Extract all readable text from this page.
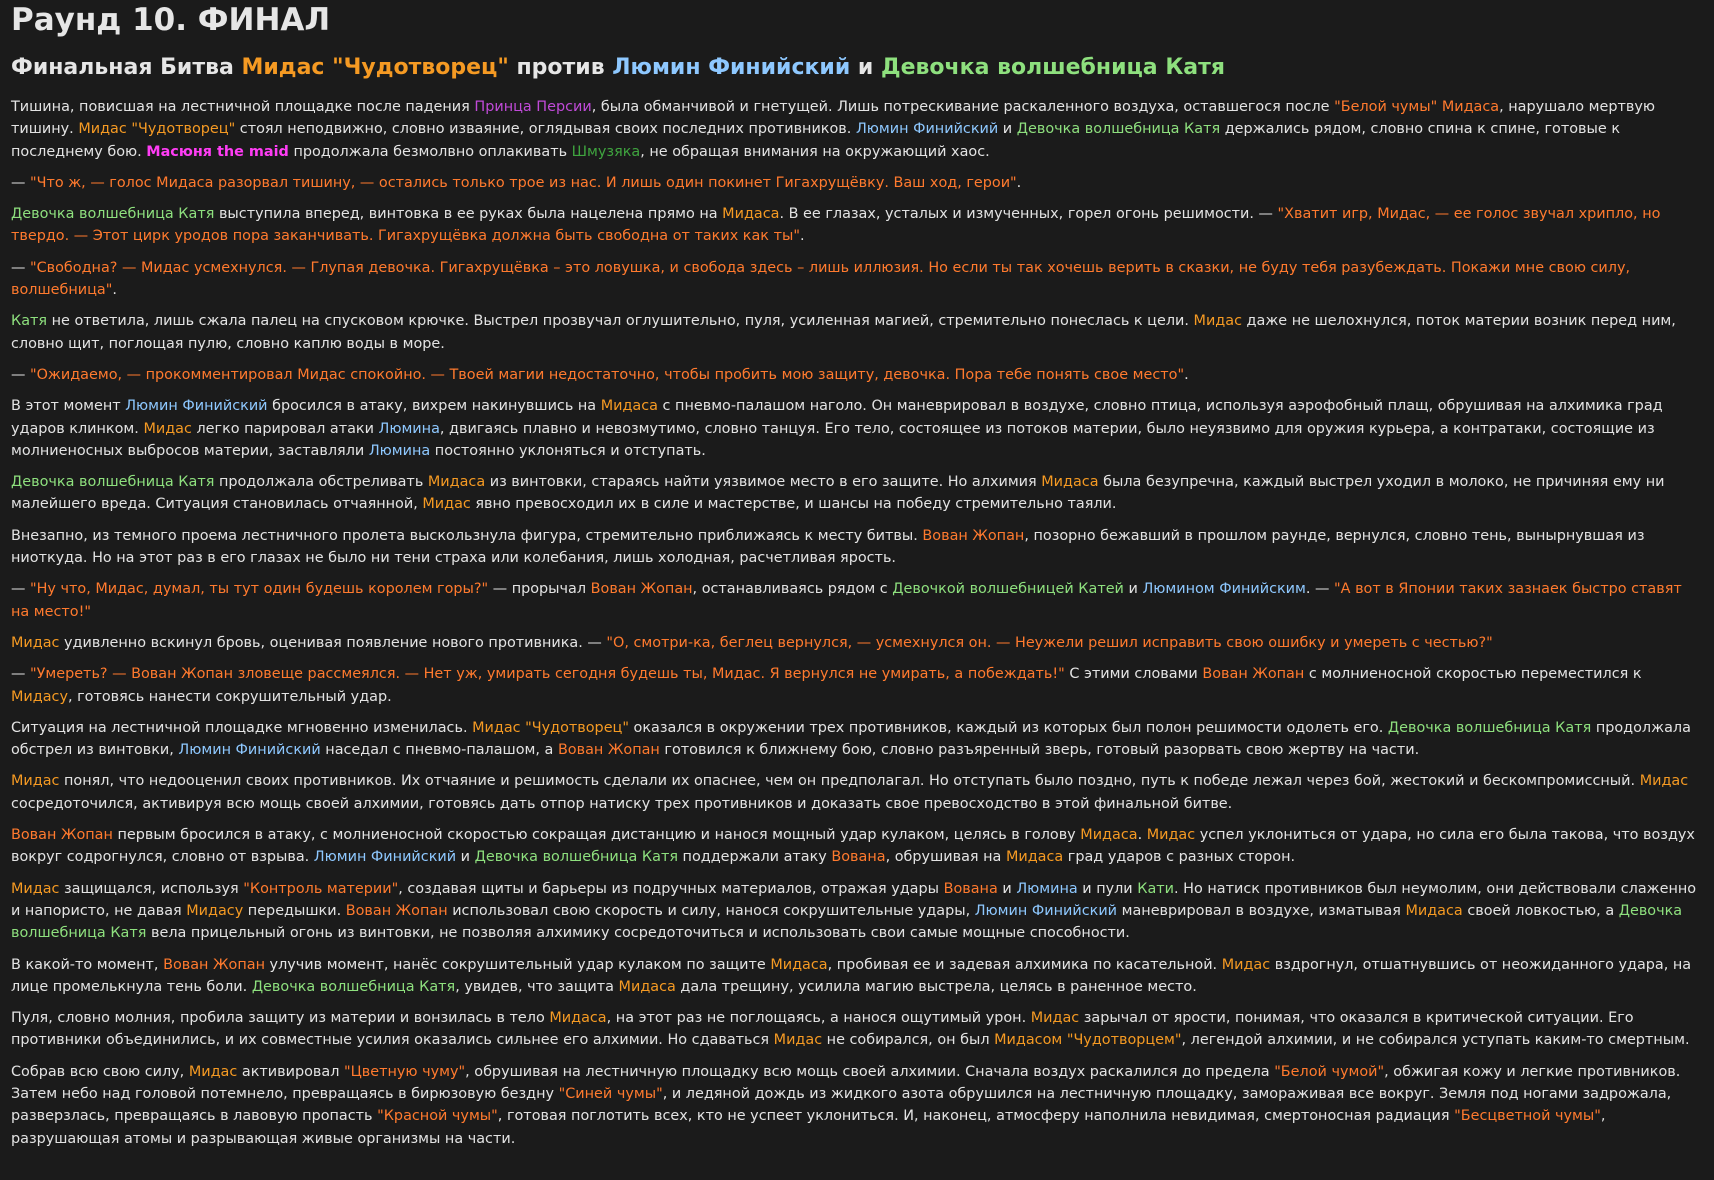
Раунд 10. ФИНАЛ
Финальная Битва Мидас "Чудотворец" против Люмин Финийский и Девочка волшебница Катя

Тишина, повисшая на лестничной площадке после падения Принца Персии, была обманчивой и гнетущей. Лишь потрескивание раскаленного воздуха, оставшегося после "Белой чумы" Мидаса, нарушало мертвую тишину. Мидас "Чудотворец" стоял неподвижно, словно изваяние, оглядывая своих последних противников. Люмин Финийский и Девочка волшебница Катя держались рядом, словно спина к спине, готовые к последнему бою. Масюня the maid продолжала безмолвно оплакивать Шмузяка, не обращая внимания на окружающий хаос.

— "Что ж, — голос Мидаса разорвал тишину, — остались только трое из нас. И лишь один покинет Гигахрущёвку. Ваш ход, герои".

Девочка волшебница Катя выступила вперед, винтовка в ее руках была нацелена прямо на Мидаса. В ее глазах, усталых и измученных, горел огонь решимости. — "Хватит игр, Мидас, — ее голос звучал хрипло, но твердо. — Этот цирк уродов пора заканчивать. Гигахрущёвка должна быть свободна от таких как ты".

— "Свободна? — Мидас усмехнулся. — Глупая девочка. Гигахрущёвка – это ловушка, и свобода здесь – лишь иллюзия. Но если ты так хочешь верить в сказки, не буду тебя разубеждать. Покажи мне свою силу, волшебница".

Катя не ответила, лишь сжала палец на спусковом крючке. Выстрел прозвучал оглушительно, пуля, усиленная магией, стремительно понеслась к цели. Мидас даже не шелохнулся, поток материи возник перед ним, словно щит, поглощая пулю, словно каплю воды в море.

— "Ожидаемо, — прокомментировал Мидас спокойно. — Твоей магии недостаточно, чтобы пробить мою защиту, девочка. Пора тебе понять свое место".

В этот момент Люмин Финийский бросился в атаку, вихрем накинувшись на Мидаса с пневмо-палашом наголо. Он маневрировал в воздухе, словно птица, используя аэрофобный плащ, обрушивая на алхимика град ударов клинком. Мидас легко парировал атаки Люмина, двигаясь плавно и невозмутимо, словно танцуя. Его тело, состоящее из потоков материи, было неуязвимо для оружия курьера, а контратаки, состоящие из молниеносных выбросов материи, заставляли Люмина постоянно уклоняться и отступать.

Девочка волшебница Катя продолжала обстреливать Мидаса из винтовки, стараясь найти уязвимое место в его защите. Но алхимия Мидаса была безупречна, каждый выстрел уходил в молоко, не причиняя ему ни малейшего вреда. Ситуация становилась отчаянной, Мидас явно превосходил их в силе и мастерстве, и шансы на победу стремительно таяли.

Внезапно, из темного проема лестничного пролета выскользнула фигура, стремительно приближаясь к месту битвы. Вован Жопан, позорно бежавший в прошлом раунде, вернулся, словно тень, вынырнувшая из ниоткуда. Но на этот раз в его глазах не было ни тени страха или колебания, лишь холодная, расчетливая ярость.

— "Ну что, Мидас, думал, ты тут один будешь королем горы?" — прорычал Вован Жопан, останавливаясь рядом с Девочкой волшебницей Катей и Люмином Финийским. — "А вот в Японии таких зазнаек быстро ставят на место!"

Мидас удивленно вскинул бровь, оценивая появление нового противника. — "О, смотри-ка, беглец вернулся, — усмехнулся он. — Неужели решил исправить свою ошибку и умереть с честью?"

— "Умереть? — Вован Жопан зловеще рассмеялся. — Нет уж, умирать сегодня будешь ты, Мидас. Я вернулся не умирать, а побеждать!" С этими словами Вован Жопан с молниеносной скоростью переместился к Мидасу, готовясь нанести сокрушительный удар.

Ситуация на лестничной площадке мгновенно изменилась. Мидас "Чудотворец" оказался в окружении трех противников, каждый из которых был полон решимости одолеть его. Девочка волшебница Катя продолжала обстрел из винтовки, Люмин Финийский наседал с пневмо-палашом, а Вован Жопан готовился к ближнему бою, словно разъяренный зверь, готовый разорвать свою жертву на части.

Мидас понял, что недооценил своих противников. Их отчаяние и решимость сделали их опаснее, чем он предполагал. Но отступать было поздно, путь к победе лежал через бой, жестокий и бескомпромиссный. Мидас сосредоточился, активируя всю мощь своей алхимии, готовясь дать отпор натиску трех противников и доказать свое превосходство в этой финальной битве.

Вован Жопан первым бросился в атаку, с молниеносной скоростью сокращая дистанцию и нанося мощный удар кулаком, целясь в голову Мидаса. Мидас успел уклониться от удара, но сила его была такова, что воздух вокруг содрогнулся, словно от взрыва. Люмин Финийский и Девочка волшебница Катя поддержали атаку Вована, обрушивая на Мидаса град ударов с разных сторон.

Мидас защищался, используя "Контроль материи", создавая щиты и барьеры из подручных материалов, отражая удары Вована и Люмина и пули Кати. Но натиск противников был неумолим, они действовали слаженно и напористо, не давая Мидасу передышки. Вован Жопан использовал свою скорость и силу, нанося сокрушительные удары, Люмин Финийский маневрировал в воздухе, изматывая Мидаса своей ловкостью, а Девочка волшебница Катя вела прицельный огонь из винтовки, не позволяя алхимику сосредоточиться и использовать свои самые мощные способности.

В какой-то момент, Вован Жопан улучив момент, нанёс сокрушительный удар кулаком по защите Мидаса, пробивая ее и задевая алхимика по касательной. Мидас вздрогнул, отшатнувшись от неожиданного удара, на лице промелькнула тень боли. Девочка волшебница Катя, увидев, что защита Мидаса дала трещину, усилила магию выстрела, целясь в раненное место.

Пуля, словно молния, пробила защиту из материи и вонзилась в тело Мидаса, на этот раз не поглощаясь, а нанося ощутимый урон. Мидас зарычал от ярости, понимая, что оказался в критической ситуации. Его противники объединились, и их совместные усилия оказались сильнее его алхимии. Но сдаваться Мидас не собирался, он был Мидасом "Чудотворцем", легендой алхимии, и не собирался уступать каким-то смертным.

Собрав всю свою силу, Мидас активировал "Цветную чуму", обрушивая на лестничную площадку всю мощь своей алхимии. Сначала воздух раскалился до предела "Белой чумой", обжигая кожу и легкие противников. Затем небо над головой потемнело, превращаясь в бирюзовую бездну "Синей чумы", и ледяной дождь из жидкого азота обрушился на лестничную площадку, замораживая все вокруг. Земля под ногами задрожала, разверзлась, превращаясь в лавовую пропасть "Красной чумы", готовая поглотить всех, кто не успеет уклониться. И, наконец, атмосферу наполнила невидимая, смертоносная радиация "Бесцветной чумы", разрушающая атомы и разрывающая живые организмы на части.
